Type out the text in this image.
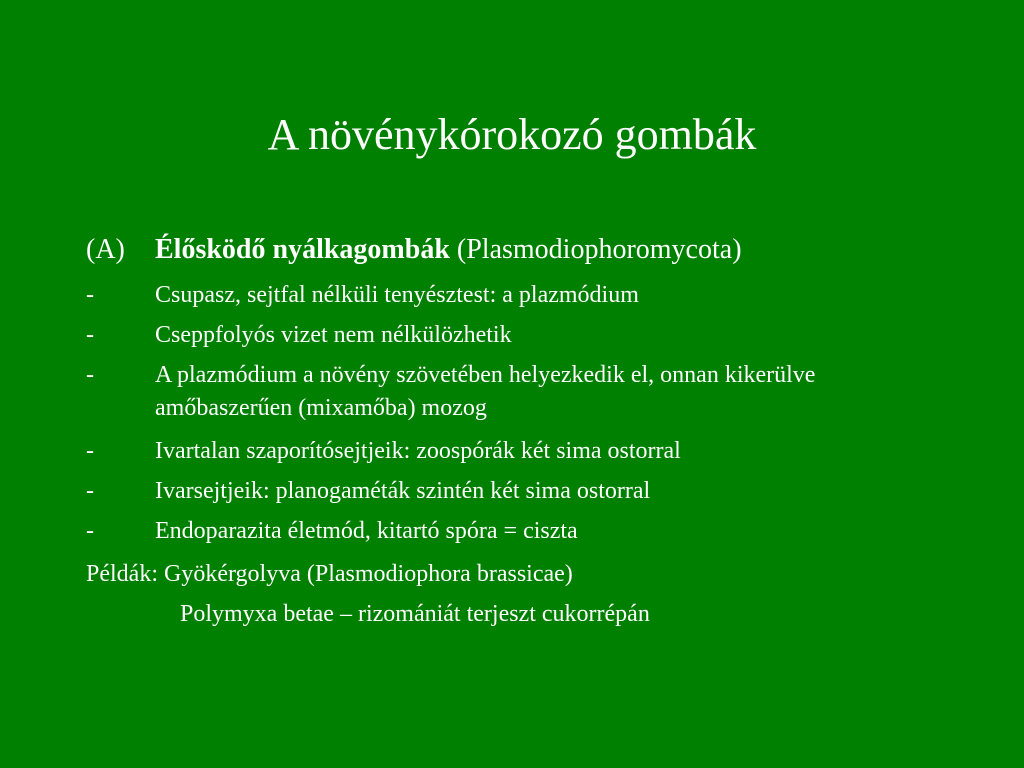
A növénykórokozó gombák
(A) Élősködő nyálkagombák (Plasmodiophoromycota)
-	Csupasz, sejtfal nélküli tenyésztest: a plazmódium
-	Cseppfolyós vizet nem nélkülözhetik
-	A plazmódium a növény szövetében helyezkedik el, onnan kikerülve amőbaszerűen (mixamőba) mozog
-	Ivartalan szaporítósejtjeik: zoospórák két sima ostorral
-	Ivarsejtjeik: planogaméták szintén két sima ostorral
-	Endoparazita életmód, kitartó spóra = ciszta
Példák: Gyökérgolyva (Plasmodiophora brassicae)
Polymyxa betae – rizomániát terjeszt cukorrépán
